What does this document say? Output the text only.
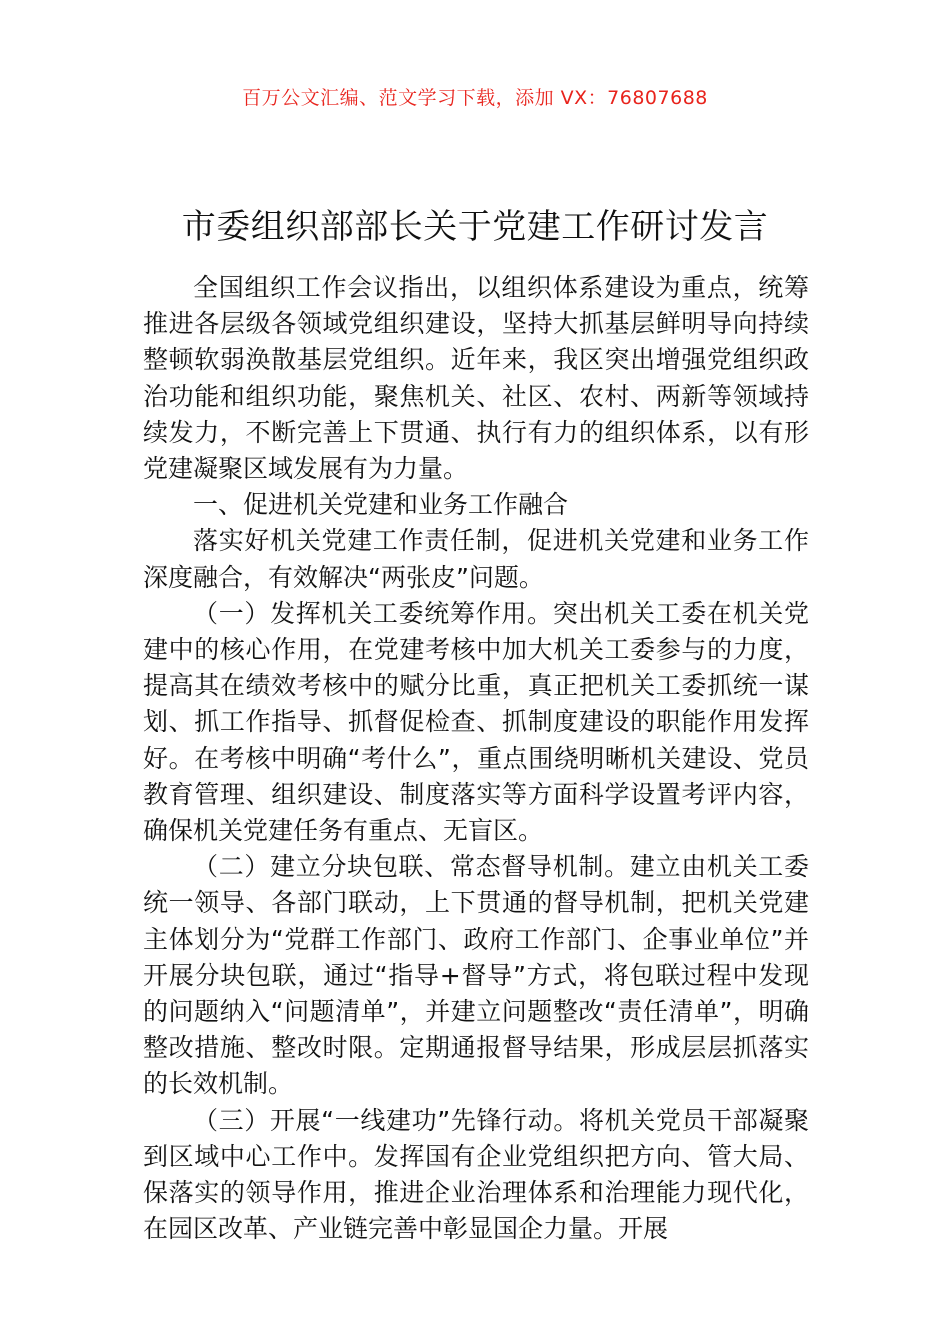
百万公文汇编、范文学习下载，添加 VX：76807688
市委组织部部长关于党建工作研讨发言

全国组织工作会议指出，以组织体系建设为重点，统筹推进各层级各领域党组织建设，坚持大抓基层鲜明导向持续整顿软弱涣散基层党组织。近年来，我区突出增强党组织政治功能和组织功能，聚焦机关、社区、农村、两新等领域持续发力，不断完善上下贯通、执行有力的组织体系，以有形党建凝聚区域发展有为力量。

一、促进机关党建和业务工作融合

落实好机关党建工作责任制，促进机关党建和业务工作深度融合，有效解决“两张皮”问题。

（一）发挥机关工委统筹作用。突出机关工委在机关党建中的核心作用，在党建考核中加大机关工委参与的力度，提高其在绩效考核中的赋分比重，真正把机关工委抓统一谋划、抓工作指导、抓督促检查、抓制度建设的职能作用发挥好。在考核中明确“考什么”，重点围绕明晰机关建设、党员教育管理、组织建设、制度落实等方面科学设置考评内容，确保机关党建任务有重点、无盲区。

（二）建立分块包联、常态督导机制。建立由机关工委统一领导、各部门联动，上下贯通的督导机制，把机关党建主体划分为“党群工作部门、政府工作部门、企事业单位”并开展分块包联，通过“指导+督导”方式，将包联过程中发现的问题纳入“问题清单”，并建立问题整改“责任清单”，明确整改措施、整改时限。定期通报督导结果，形成层层抓落实的长效机制。

（三）开展“一线建功”先锋行动。将机关党员干部凝聚到区域中心工作中。发挥国有企业党组织把方向、管大局、保落实的领导作用，推进企业治理体系和治理能力现代化，在园区改革、产业链完善中彰显国企力量。开展
